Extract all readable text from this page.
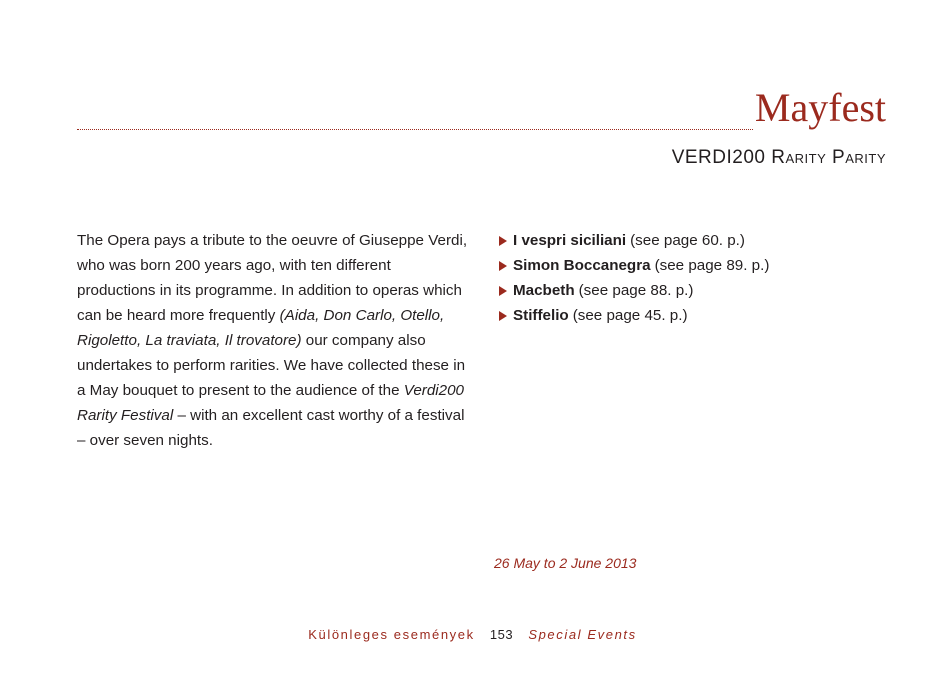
Mayfest
VERDI200 Rarity Parity
The Opera pays a tribute to the oeuvre of Giuseppe Verdi, who was born 200 years ago, with ten different productions in its programme. In addition to operas which can be heard more frequently (Aida, Don Carlo, Otello, Rigoletto, La traviata, Il trovatore) our company also undertakes to perform rarities. We have collected these in a May bouquet to present to the audience of the Verdi200 Rarity Festival – with an excellent cast worthy of a festival – over seven nights.
I vespri siciliani (see page 60. p.)
Simon Boccanegra (see page 89. p.)
Macbeth (see page 88. p.)
Stiffelio (see page 45. p.)
26 May to 2 June 2013
Különleges események 153 Special Events
